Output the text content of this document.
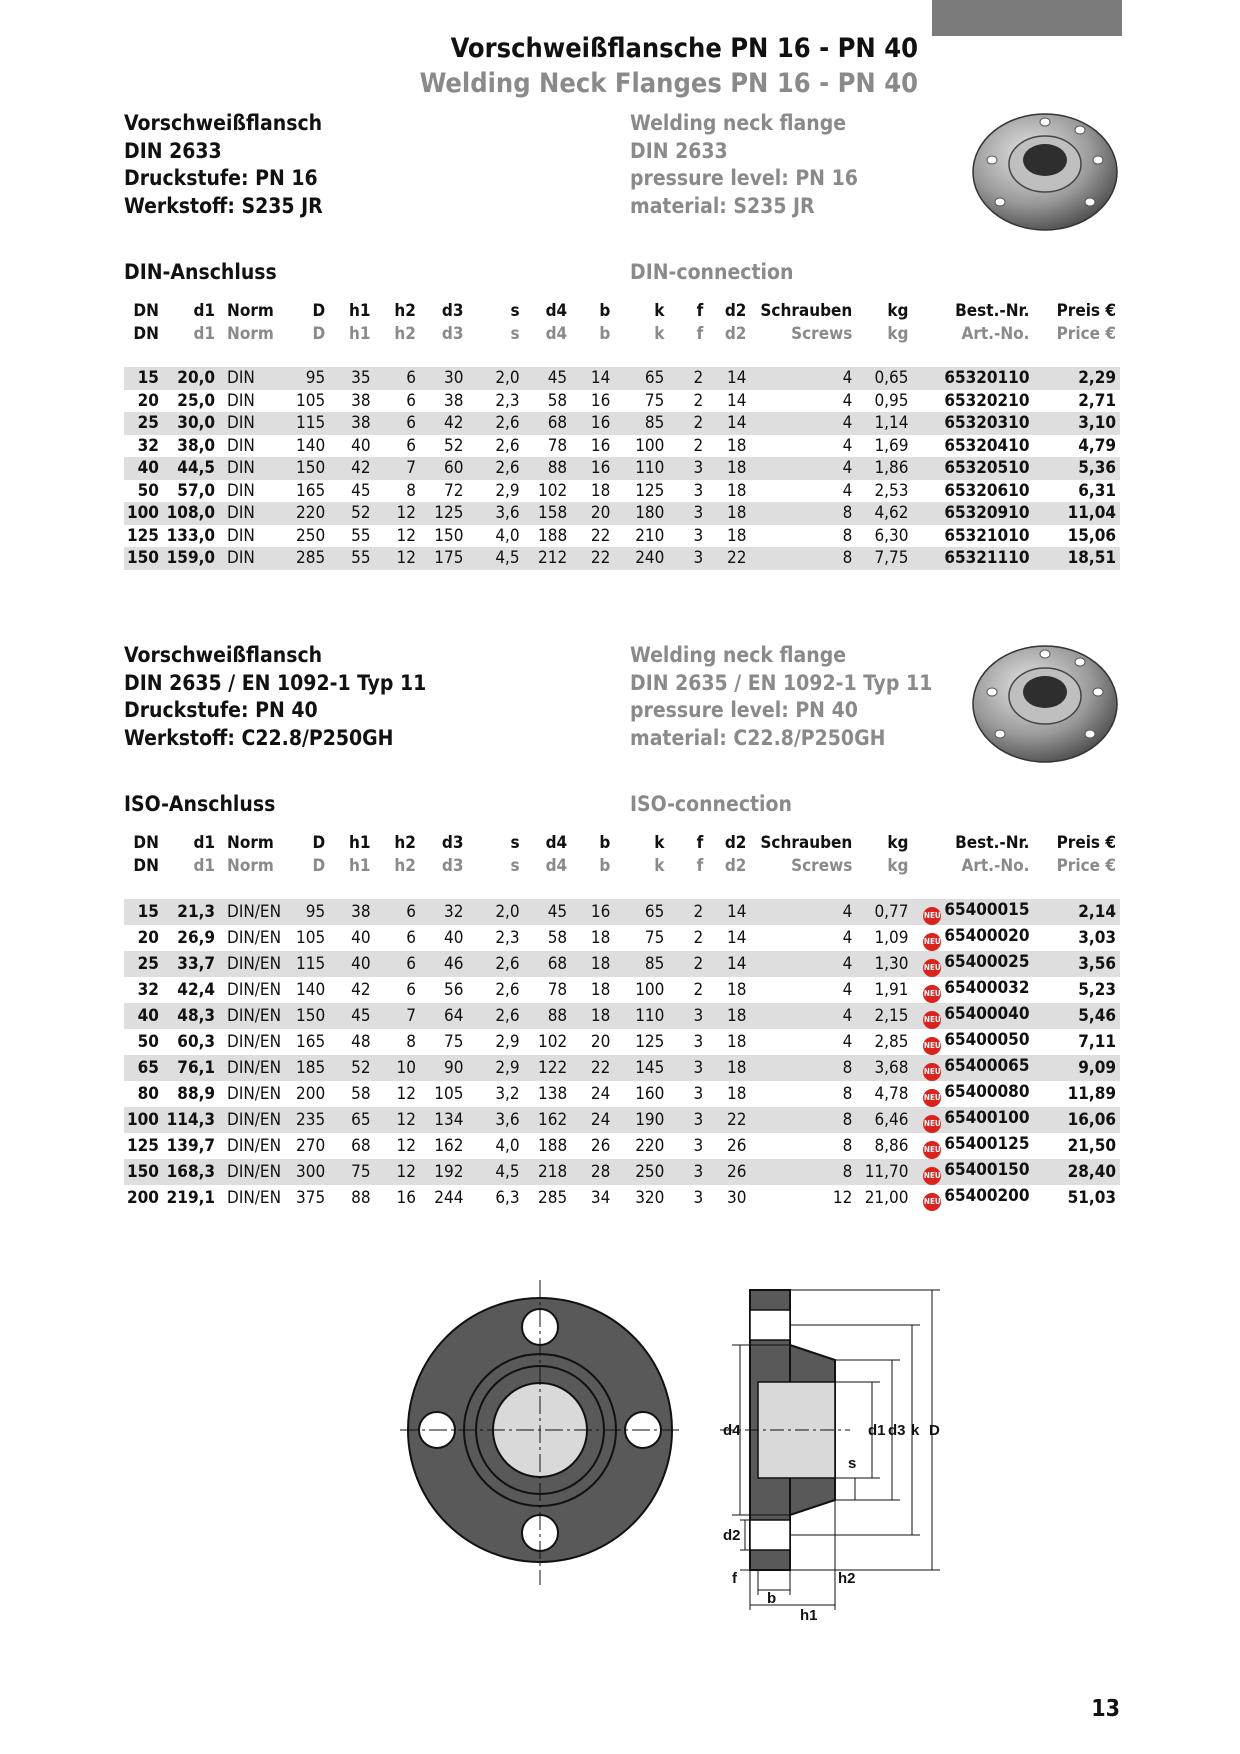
Vorschweißflansche PN 16 - PN 40
Welding Neck Flanges PN 16 - PN 40
Vorschweißflansch
DIN 2633
Druckstufe: PN 16
Werkstoff: S235 JR
Welding neck flange
DIN 2633
pressure level: PN 16
material: S235 JR
DIN-Anschluss	DIN-connection
DN	d1	Norm	D	h1	h2	d3	s	d4	b	k	f	d2	Schrauben	kg	Best.-Nr.	Preis €
DN	d1	Norm	D	h1	h2	d3	s	d4	b	k	f	d2	Screws	kg	Art.-No.	Price €

15	20,0	DIN	95	35	6	30	2,0	45	14	65	2	14	4	0,65	65320110	2,29
20	25,0	DIN	105	38	6	38	2,3	58	16	75	2	14	4	0,95	65320210	2,71
25	30,0	DIN	115	38	6	42	2,6	68	16	85	2	14	4	1,14	65320310	3,10
32	38,0	DIN	140	40	6	52	2,6	78	16	100	2	18	4	1,69	65320410	4,79
40	44,5	DIN	150	42	7	60	2,6	88	16	110	3	18	4	1,86	65320510	5,36
50	57,0	DIN	165	45	8	72	2,9	102	18	125	3	18	4	2,53	65320610	6,31
100	108,0	DIN	220	52	12	125	3,6	158	20	180	3	18	8	4,62	65320910	11,04
125	133,0	DIN	250	55	12	150	4,0	188	22	210	3	18	8	6,30	65321010	15,06
150	159,0	DIN	285	55	12	175	4,5	212	22	240	3	22	8	7,75	65321110	18,51
Vorschweißflansch
DIN 2635 / EN 1092-1 Typ 11
Druckstufe: PN 40
Werkstoff: C22.8/P250GH
Welding neck flange
DIN 2635 / EN 1092-1 Typ 11
pressure level: PN 40
material: C22.8/P250GH
ISO-Anschluss	ISO-connection
DN	d1	Norm	D	h1	h2	d3	s	d4	b	k	f	d2	Schrauben	kg	Best.-Nr.	Preis €
DN	d1	Norm	D	h1	h2	d3	s	d4	b	k	f	d2	Screws	kg	Art.-No.	Price €

15	21,3	DIN/EN	95	38	6	32	2,0	45	16	65	2	14	4	0,77	NEU 65400015	2,14
20	26,9	DIN/EN	105	40	6	40	2,3	58	18	75	2	14	4	1,09	NEU 65400020	3,03
25	33,7	DIN/EN	115	40	6	46	2,6	68	18	85	2	14	4	1,30	NEU 65400025	3,56
32	42,4	DIN/EN	140	42	6	56	2,6	78	18	100	2	18	4	1,91	NEU 65400032	5,23
40	48,3	DIN/EN	150	45	7	64	2,6	88	18	110	3	18	4	2,15	NEU 65400040	5,46
50	60,3	DIN/EN	165	48	8	75	2,9	102	20	125	3	18	4	2,85	NEU 65400050	7,11
65	76,1	DIN/EN	185	52	10	90	2,9	122	22	145	3	18	8	3,68	NEU 65400065	9,09
80	88,9	DIN/EN	200	58	12	105	3,2	138	24	160	3	18	8	4,78	NEU 65400080	11,89
100	114,3	DIN/EN	235	65	12	134	3,6	162	24	190	3	22	8	6,46	NEU 65400100	16,06
125	139,7	DIN/EN	270	68	12	162	4,0	188	26	220	3	26	8	8,86	NEU 65400125	21,50
150	168,3	DIN/EN	300	75	12	192	4,5	218	28	250	3	26	8	11,70	NEU 65400150	28,40
200	219,1	DIN/EN	375	88	16	244	6,3	285	34	320	3	30	12	21,00	NEU 65400200	51,03
d4	d1 d3 k D
s
d2
f
b
h1
h2
13
